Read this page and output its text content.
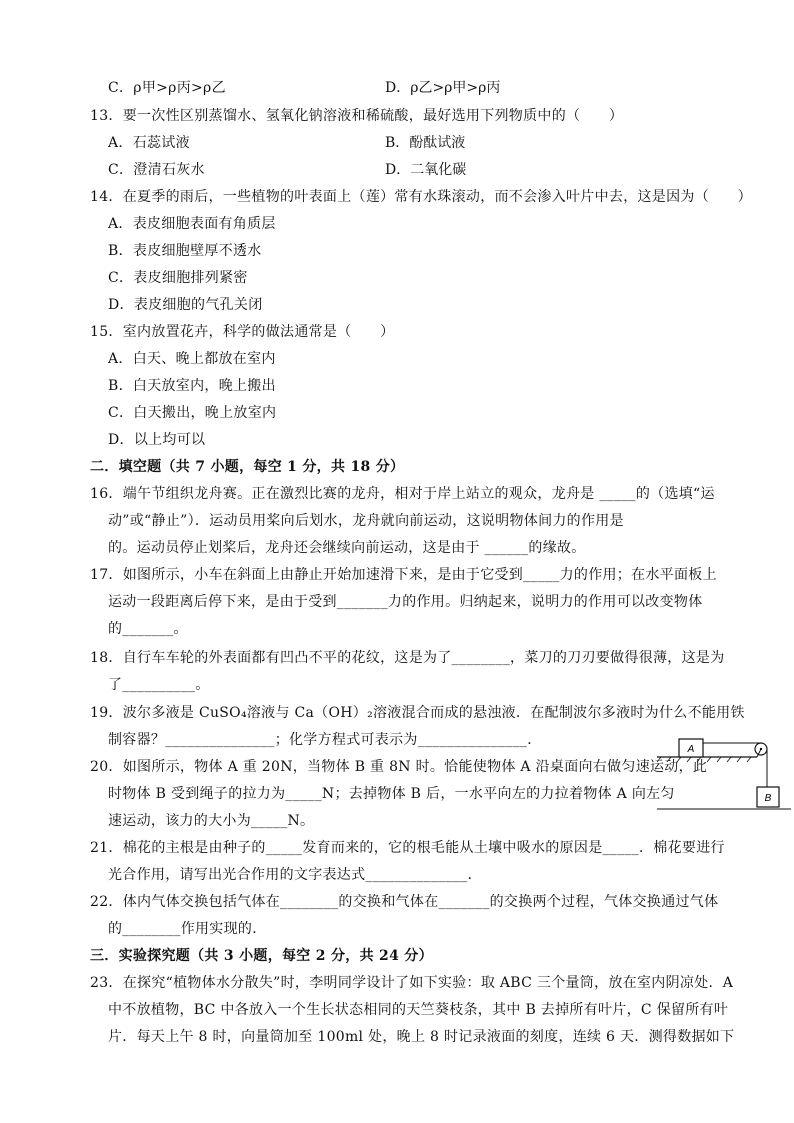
C．ρ甲>ρ丙>ρ乙
13．要一次性区别蒸馏水、氢氧化钠溶液和稀硫酸，最好选用下列物质中的（　　）
A．石蕊试液
C．澄清石灰水
14．在夏季的雨后，一些植物的叶表面上（莲）常有水珠滚动，而不会渗入叶片中去，这是因为（　　）
A．表皮细胞表面有角质层
B．表皮细胞壁厚不透水
C．表皮细胞排列紧密
D．表皮细胞的气孔关闭
15．室内放置花卉，科学的做法通常是（　　）
A．白天、晚上都放在室内
B．白天放室内，晚上搬出
C．白天搬出，晚上放室内
D．以上均可以
二．填空题（共 7 小题，每空 1 分，共 18 分）
16．端午节组织龙舟赛。正在激烈比赛的龙舟，相对于岸上站立的观众，龙舟是 _____的（选填“运
动”或“静止”）．运动员用桨向后划水，龙舟就向前运动，这说明物体间力的作用是
的。运动员停止划桨后，龙舟还会继续向前运动，这是由于 ______的缘故。
17．如图所示，小车在斜面上由静止开始加速滑下来，是由于它受到_____力的作用；在水平面板上
运动一段距离后停下来，是由于受到_______力的作用。归纳起来，说明力的作用可以改变物体
的_______。
18．自行车车轮的外表面都有凹凸不平的花纹，这是为了________，菜刀的刀刃要做得很薄，这是为
了__________。
19．波尔多液是 CuSO₄溶液与 Ca（OH）₂溶液混合而成的悬浊液．在配制波尔多液时为什么不能用铁
制容器？_______________；化学方程式可表示为_______________．
20．如图所示，物体 A 重 20N，当物体 B 重 8N 时。恰能使物体 A 沿桌面向右做匀速运动，此
时物体 B 受到绳子的拉力为_____N；去掉物体 B 后，一水平向左的力拉着物体 A 向左匀
速运动，该力的大小为_____N。
21．棉花的主根是由种子的_____发育而来的，它的根毛能从土壤中吸水的原因是_____．棉花要进行
光合作用，请写出光合作用的文字表达式______________．
22．体内气体交换包括气体在________的交换和气体在_______的交换两个过程，气体交换通过气体
的________作用实现的．
三．实验探究题（共 3 小题，每空 2 分，共 24 分）
23．在探究“植物体水分散失”时，李明同学设计了如下实验：取 ABC 三个量筒，放在室内阴凉处．A
中不放植物，BC 中各放入一个生长状态相同的天竺葵枝条，其中 B 去掉所有叶片，C 保留所有叶
片．每天上午 8 时，向量筒加至 100ml 处，晚上 8 时记录液面的刻度，连续 6 天．测得数据如下
D．ρ乙>ρ甲>ρ丙
B．酚酞试液
D．二氧化碳
A
B
